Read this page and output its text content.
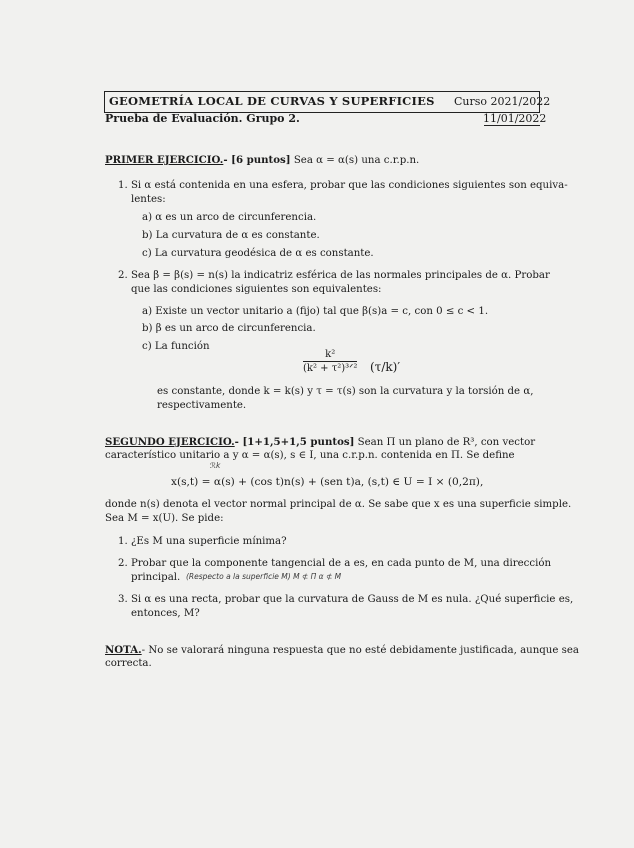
GEOMETRÍA LOCAL DE CURVAS Y SUPERFICIES Curso 2021/2022
Prueba de Evaluación. Grupo 2.	11/01/2022
PRIMER EJERCICIO.- [6 puntos] Sea α = α(s) una c.r.p.n.
1. Si α está contenida en una esfera, probar que las condiciones siguientes son equiva-
lentes:
a) α es un arco de circunferencia.
b) La curvatura de α es constante.
c) La curvatura geodésica de α es constante.
2. Sea β = β(s) = n(s) la indicatriz esférica de las normales principales de α. Probar
que las condiciones siguientes son equivalentes:
a) Existe un vector unitario a (fijo) tal que β(s)a = c, con 0 ≤ c < 1.
b) β es un arco de circunferencia.
c) La función
k²
(k² + τ²)³ᐟ² (τ/k)′
es constante, donde k = k(s) y τ = τ(s) son la curvatura y la torsión de α,
respectivamente.
SEGUNDO EJERCICIO.- [1+1,5+1,5 puntos] Sean Π un plano de R³, con vector
característico unitario a y α = α(s), s ∈ I, una c.r.p.n. contenida en Π. Se define
ℛk
x(s,t) = α(s) + (cos t)n(s) + (sen t)a, (s,t) ∈ U = I × (0,2π),
donde n(s) denota el vector normal principal de α. Se sabe que x es una superficie simple.
Sea M = x(U). Se pide:
1. ¿Es M una superficie mínima?
2. Probar que la componente tangencial de a es, en cada punto de M, una dirección
principal. (Respecto a la superficie M) M ⊄ Π α ⊄ M
3. Si α es una recta, probar que la curvatura de Gauss de M es nula. ¿Qué superficie es,
entonces, M?
NOTA.- No se valorará ninguna respuesta que no esté debidamente justificada, aunque sea
correcta.
